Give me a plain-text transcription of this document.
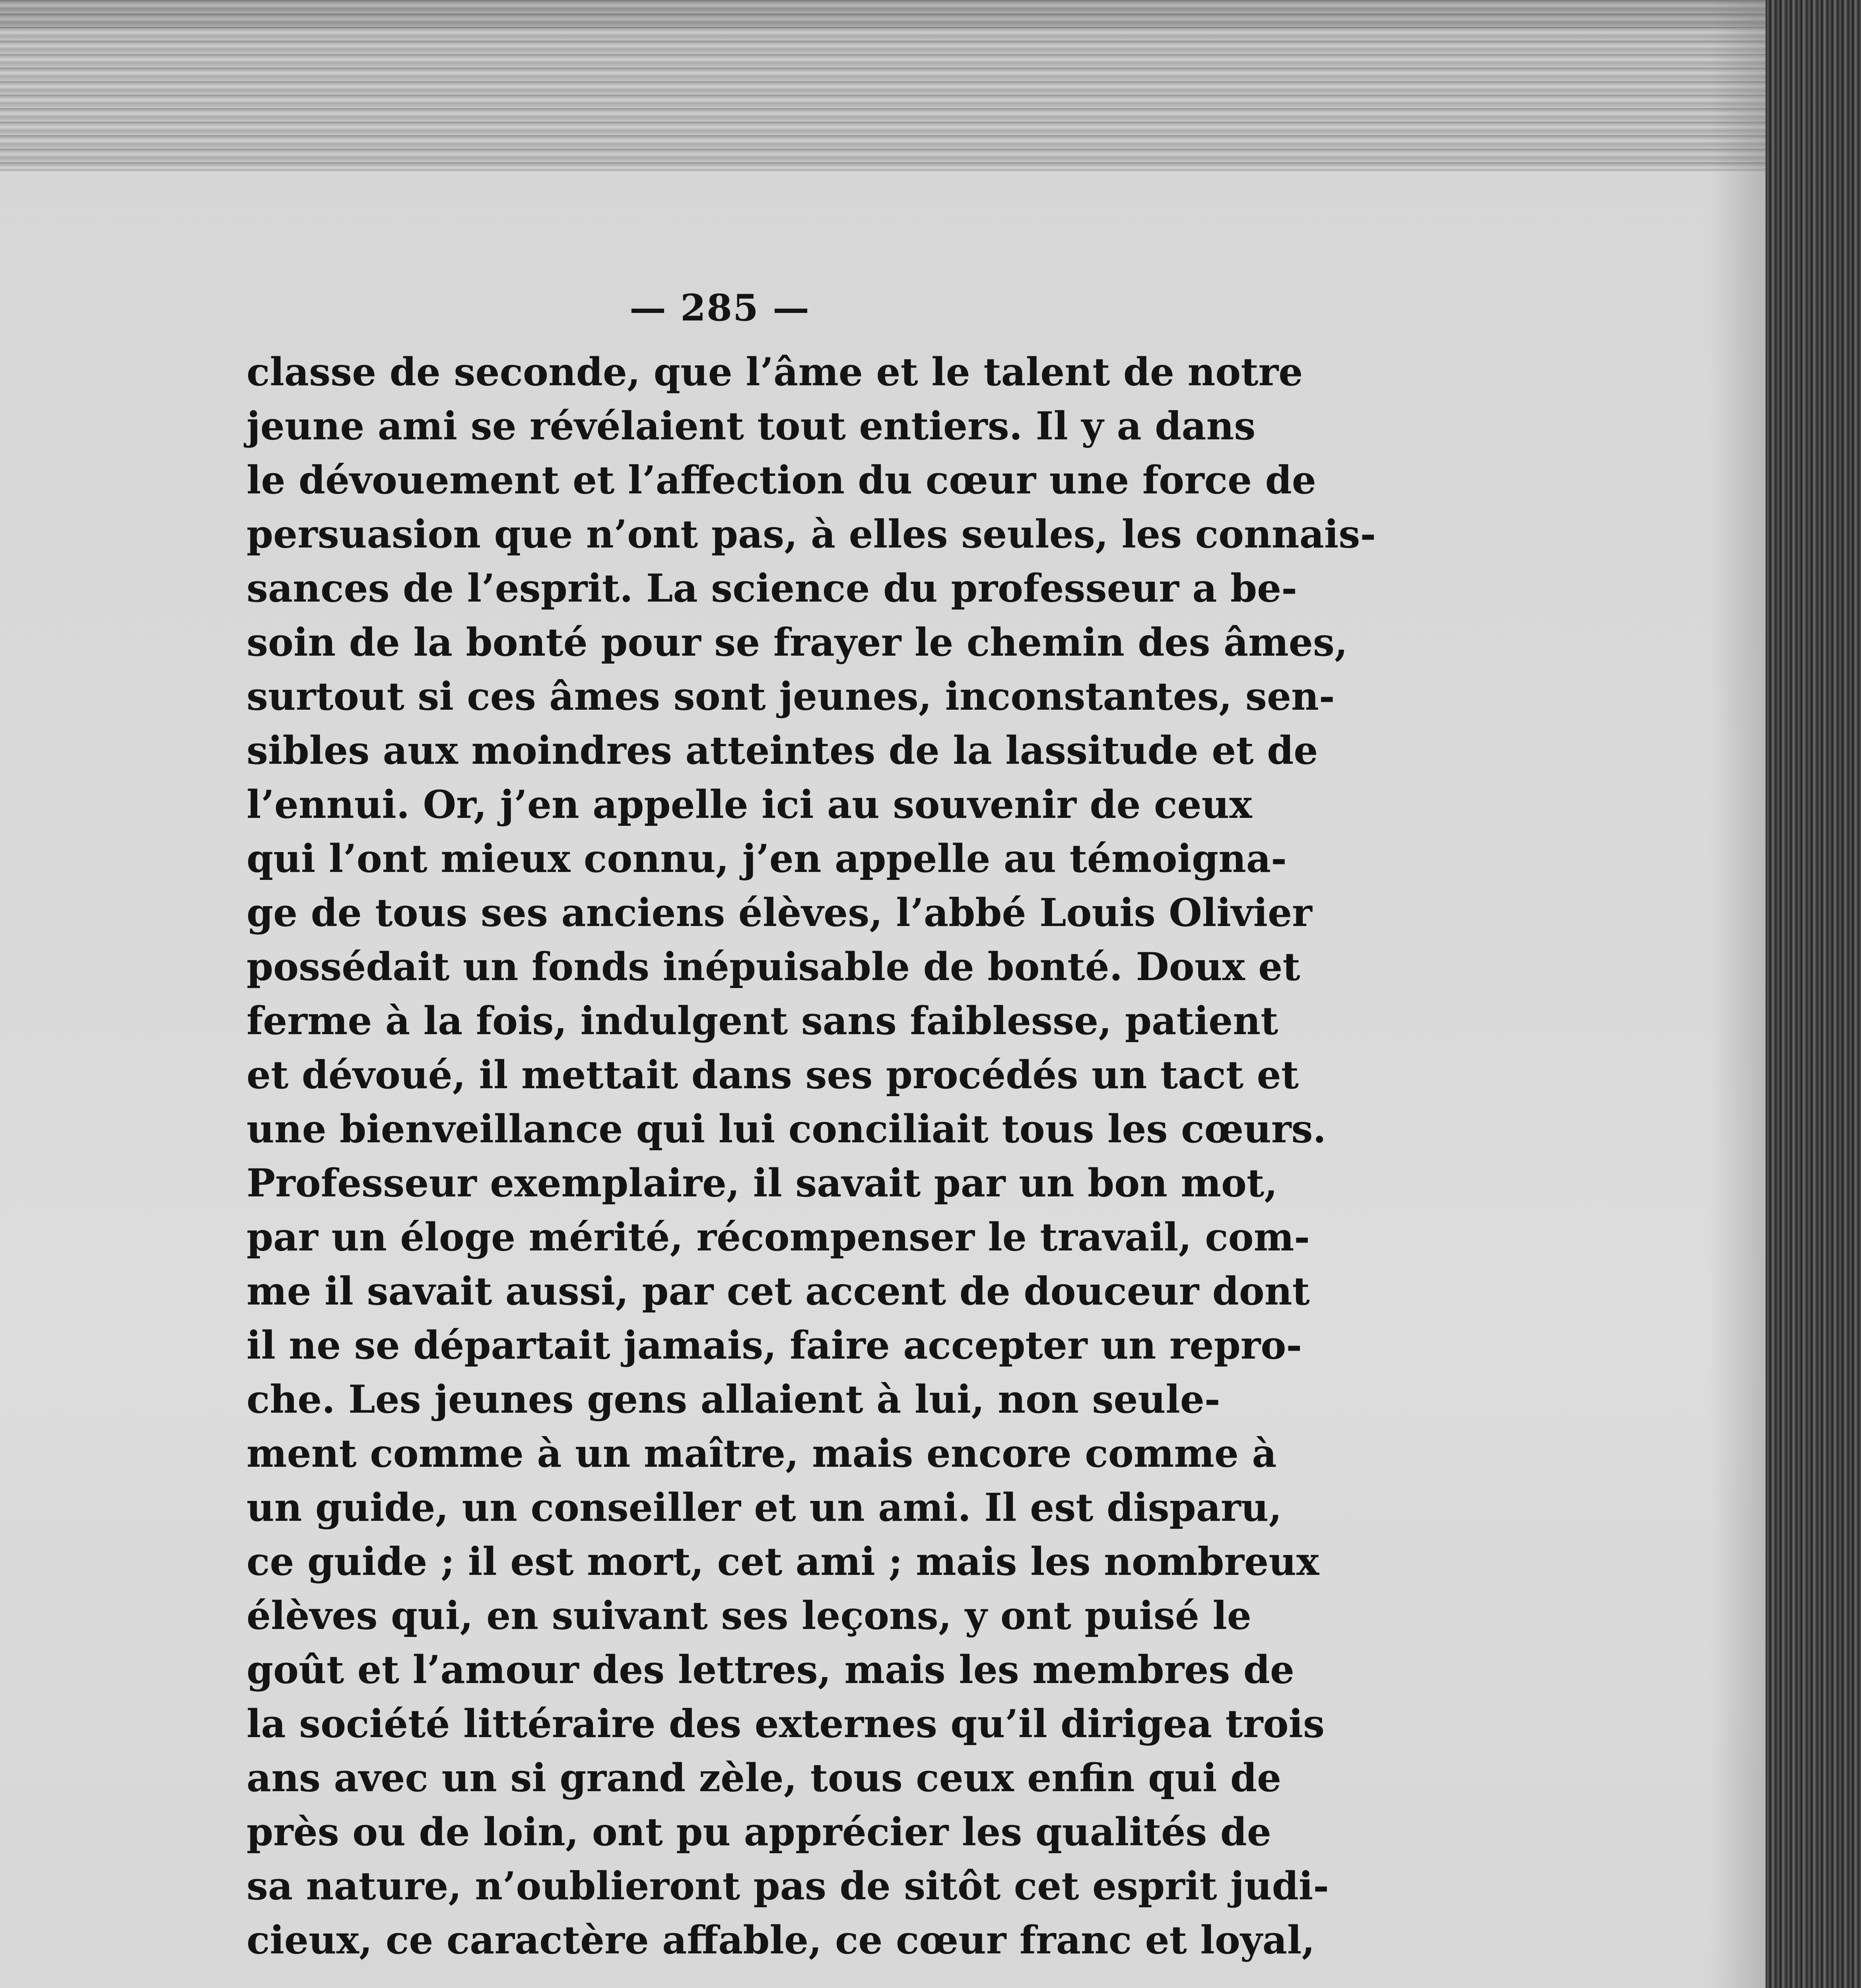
— 285 —
classe de seconde, que l’âme et le talent de notre
jeune ami se révélaient tout entiers. Il y a dans
le dévouement et l’affection du cœur une force de
persuasion que n’ont pas, à elles seules, les connais-
sances de l’esprit. La science du professeur a be-
soin de la bonté pour se frayer le chemin des âmes,
surtout si ces âmes sont jeunes, inconstantes, sen-
sibles aux moindres atteintes de la lassitude et de
l’ennui. Or, j’en appelle ici au souvenir de ceux
qui l’ont mieux connu, j’en appelle au témoigna-
ge de tous ses anciens élèves, l’abbé Louis Olivier
possédait un fonds inépuisable de bonté. Doux et
ferme à la fois, indulgent sans faiblesse, patient
et dévoué, il mettait dans ses procédés un tact et
une bienveillance qui lui conciliait tous les cœurs.
Professeur exemplaire, il savait par un bon mot,
par un éloge mérité, récompenser le travail, com-
me il savait aussi, par cet accent de douceur dont
il ne se départait jamais, faire accepter un repro-
che. Les jeunes gens allaient à lui, non seule-
ment comme à un maître, mais encore comme à
un guide, un conseiller et un ami. Il est disparu,
ce guide ; il est mort, cet ami ; mais les nombreux
élèves qui, en suivant ses leçons, y ont puisé le
goût et l’amour des lettres, mais les membres de
la société littéraire des externes qu’il dirigea trois
ans avec un si grand zèle, tous ceux enfin qui de
près ou de loin, ont pu apprécier les qualités de
sa nature, n’oublieront pas de sitôt cet esprit judi-
cieux, ce caractère affable, ce cœur franc et loyal,
